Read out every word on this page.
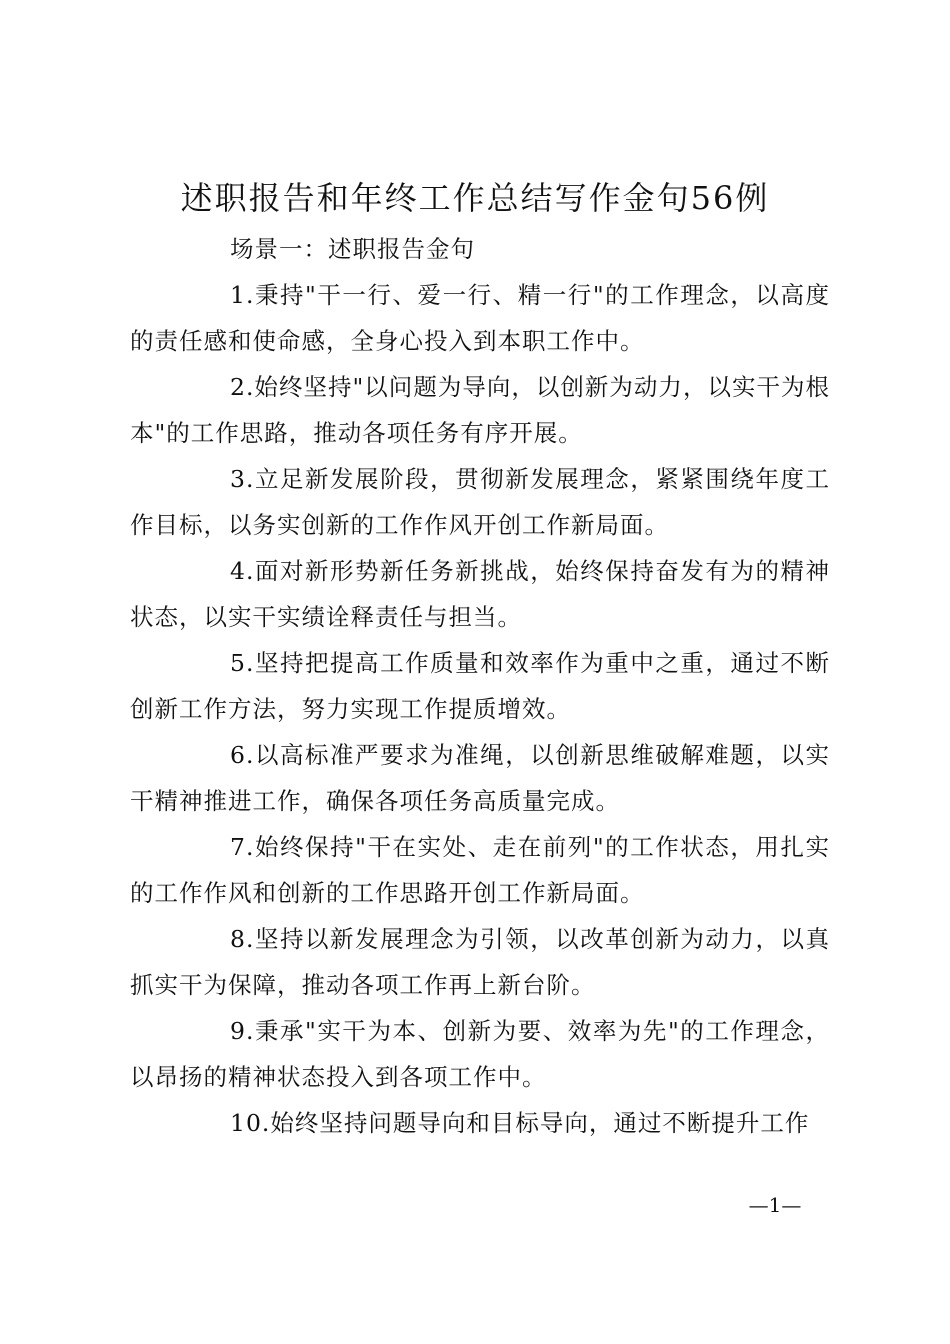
述职报告和年终工作总结写作金句56例

场景一：述职报告金句

1.秉持"干一行、爱一行、精一行"的工作理念，以高度的责任感和使命感，全身心投入到本职工作中。

2.始终坚持"以问题为导向，以创新为动力，以实干为根本"的工作思路，推动各项任务有序开展。

3.立足新发展阶段，贯彻新发展理念，紧紧围绕年度工作目标，以务实创新的工作作风开创工作新局面。

4.面对新形势新任务新挑战，始终保持奋发有为的精神状态，以实干实绩诠释责任与担当。

5.坚持把提高工作质量和效率作为重中之重，通过不断创新工作方法，努力实现工作提质增效。

6.以高标准严要求为准绳，以创新思维破解难题，以实干精神推进工作，确保各项任务高质量完成。

7.始终保持"干在实处、走在前列"的工作状态，用扎实的工作作风和创新的工作思路开创工作新局面。

8.坚持以新发展理念为引领，以改革创新为动力，以真抓实干为保障，推动各项工作再上新台阶。

9.秉承"实干为本、创新为要、效率为先"的工作理念，以昂扬的精神状态投入到各项工作中。

10.始终坚持问题导向和目标导向，通过不断提升工作

—1—
